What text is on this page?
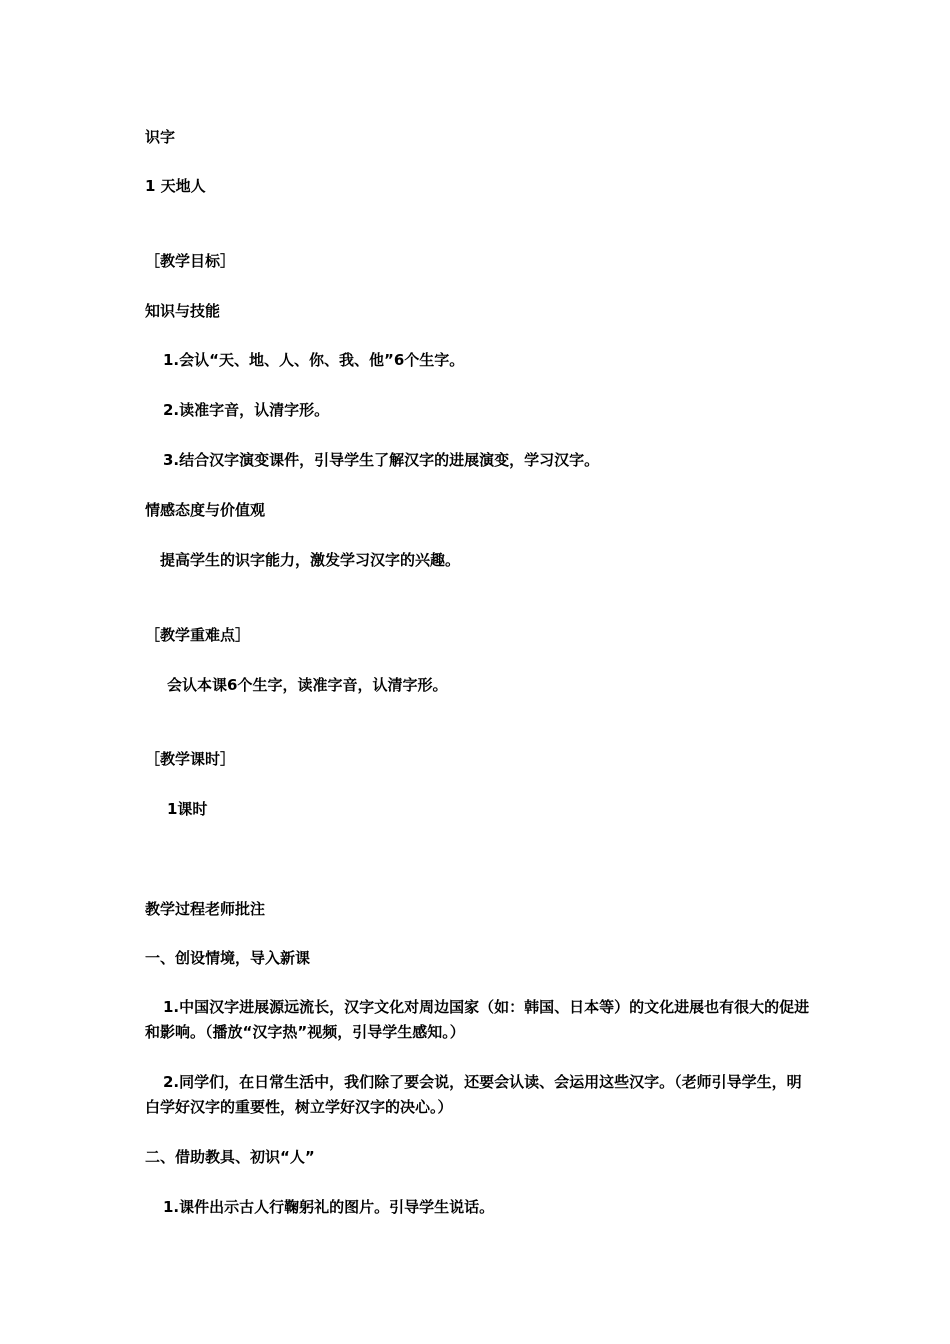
识字
1 天地人
［教学目标］
知识与技能
1.会认“天、地、人、你、我、他”6个生字。
2.读准字音，认清字形。
3.结合汉字演变课件，引导学生了解汉字的进展演变，学习汉字。
情感态度与价值观
提高学生的识字能力，激发学习汉字的兴趣。
［教学重难点］
会认本课6个生字，读准字音，认清字形。
［教学课时］
1课时
教学过程老师批注
一、创设情境，导入新课
1.中国汉字进展源远流长，汉字文化对周边国家（如：韩国、日本等）的文化进展也有很大的促进和影响。（播放“汉字热”视频，引导学生感知。）
2.同学们，在日常生活中，我们除了要会说，还要会认读、会运用这些汉字。（老师引导学生，明白学好汉字的重要性，树立学好汉字的决心。）
二、借助教具、初识“人”
1.课件出示古人行鞠躬礼的图片。引导学生说话。
